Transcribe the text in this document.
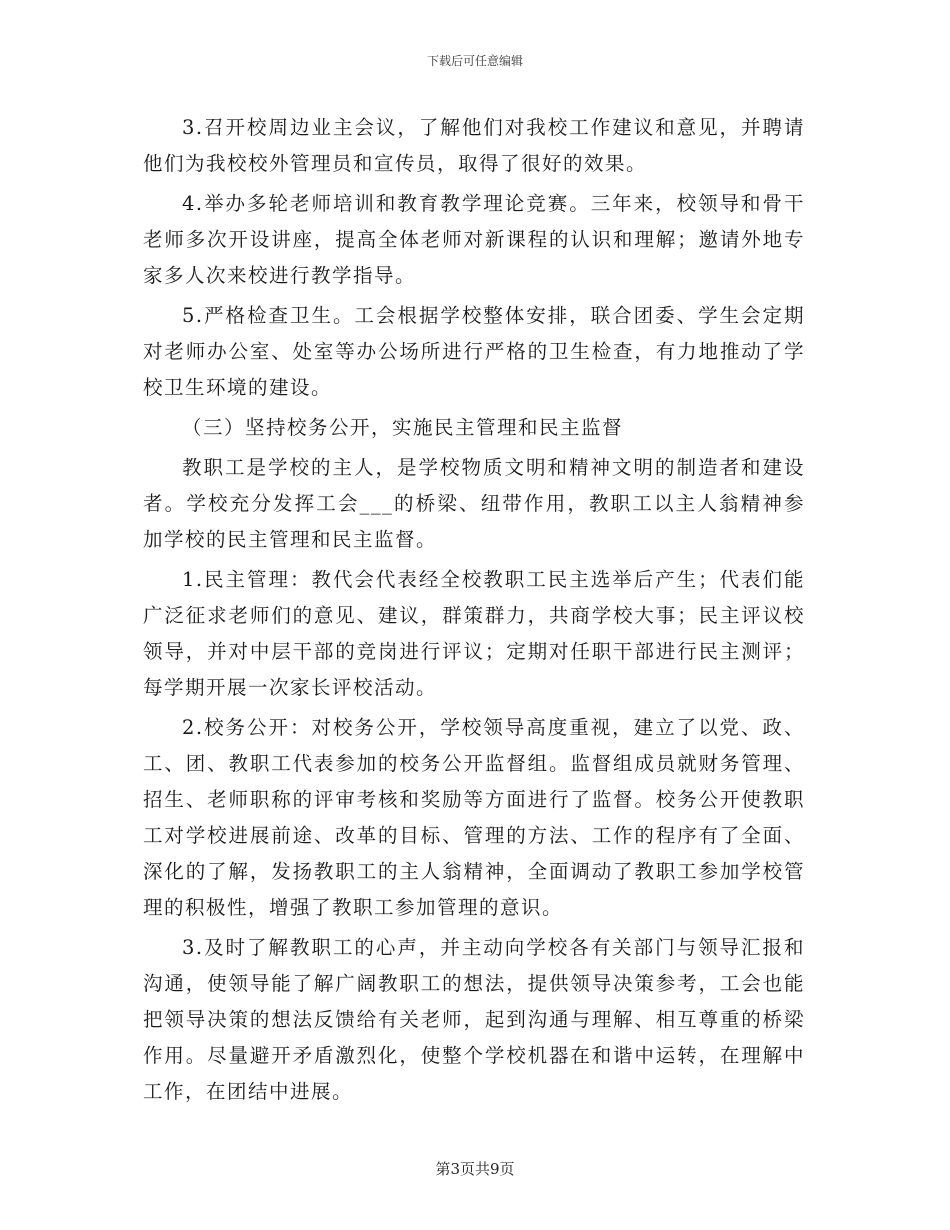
下载后可任意编辑

3.召开校周边业主会议，了解他们对我校工作建议和意见，并聘请他们为我校校外管理员和宣传员，取得了很好的效果。

4.举办多轮老师培训和教育教学理论竞赛。三年来，校领导和骨干老师多次开设讲座，提高全体老师对新课程的认识和理解；邀请外地专家多人次来校进行教学指导。

5.严格检查卫生。工会根据学校整体安排，联合团委、学生会定期对老师办公室、处室等办公场所进行严格的卫生检查，有力地推动了学校卫生环境的建设。

（三）坚持校务公开，实施民主管理和民主监督

教职工是学校的主人，是学校物质文明和精神文明的制造者和建设者。学校充分发挥工会___的桥梁、纽带作用，教职工以主人翁精神参加学校的民主管理和民主监督。

1.民主管理：教代会代表经全校教职工民主选举后产生；代表们能广泛征求老师们的意见、建议，群策群力，共商学校大事；民主评议校领导，并对中层干部的竞岗进行评议；定期对任职干部进行民主测评；每学期开展一次家长评校活动。

2.校务公开：对校务公开，学校领导高度重视，建立了以党、政、工、团、教职工代表参加的校务公开监督组。监督组成员就财务管理、招生、老师职称的评审考核和奖励等方面进行了监督。校务公开使教职工对学校进展前途、改革的目标、管理的方法、工作的程序有了全面、深化的了解，发扬教职工的主人翁精神，全面调动了教职工参加学校管理的积极性，增强了教职工参加管理的意识。

3.及时了解教职工的心声，并主动向学校各有关部门与领导汇报和沟通，使领导能了解广阔教职工的想法，提供领导决策参考，工会也能把领导决策的想法反馈给有关老师，起到沟通与理解、相互尊重的桥梁作用。尽量避开矛盾激烈化，使整个学校机器在和谐中运转，在理解中工作，在团结中进展。

第3页共9页
